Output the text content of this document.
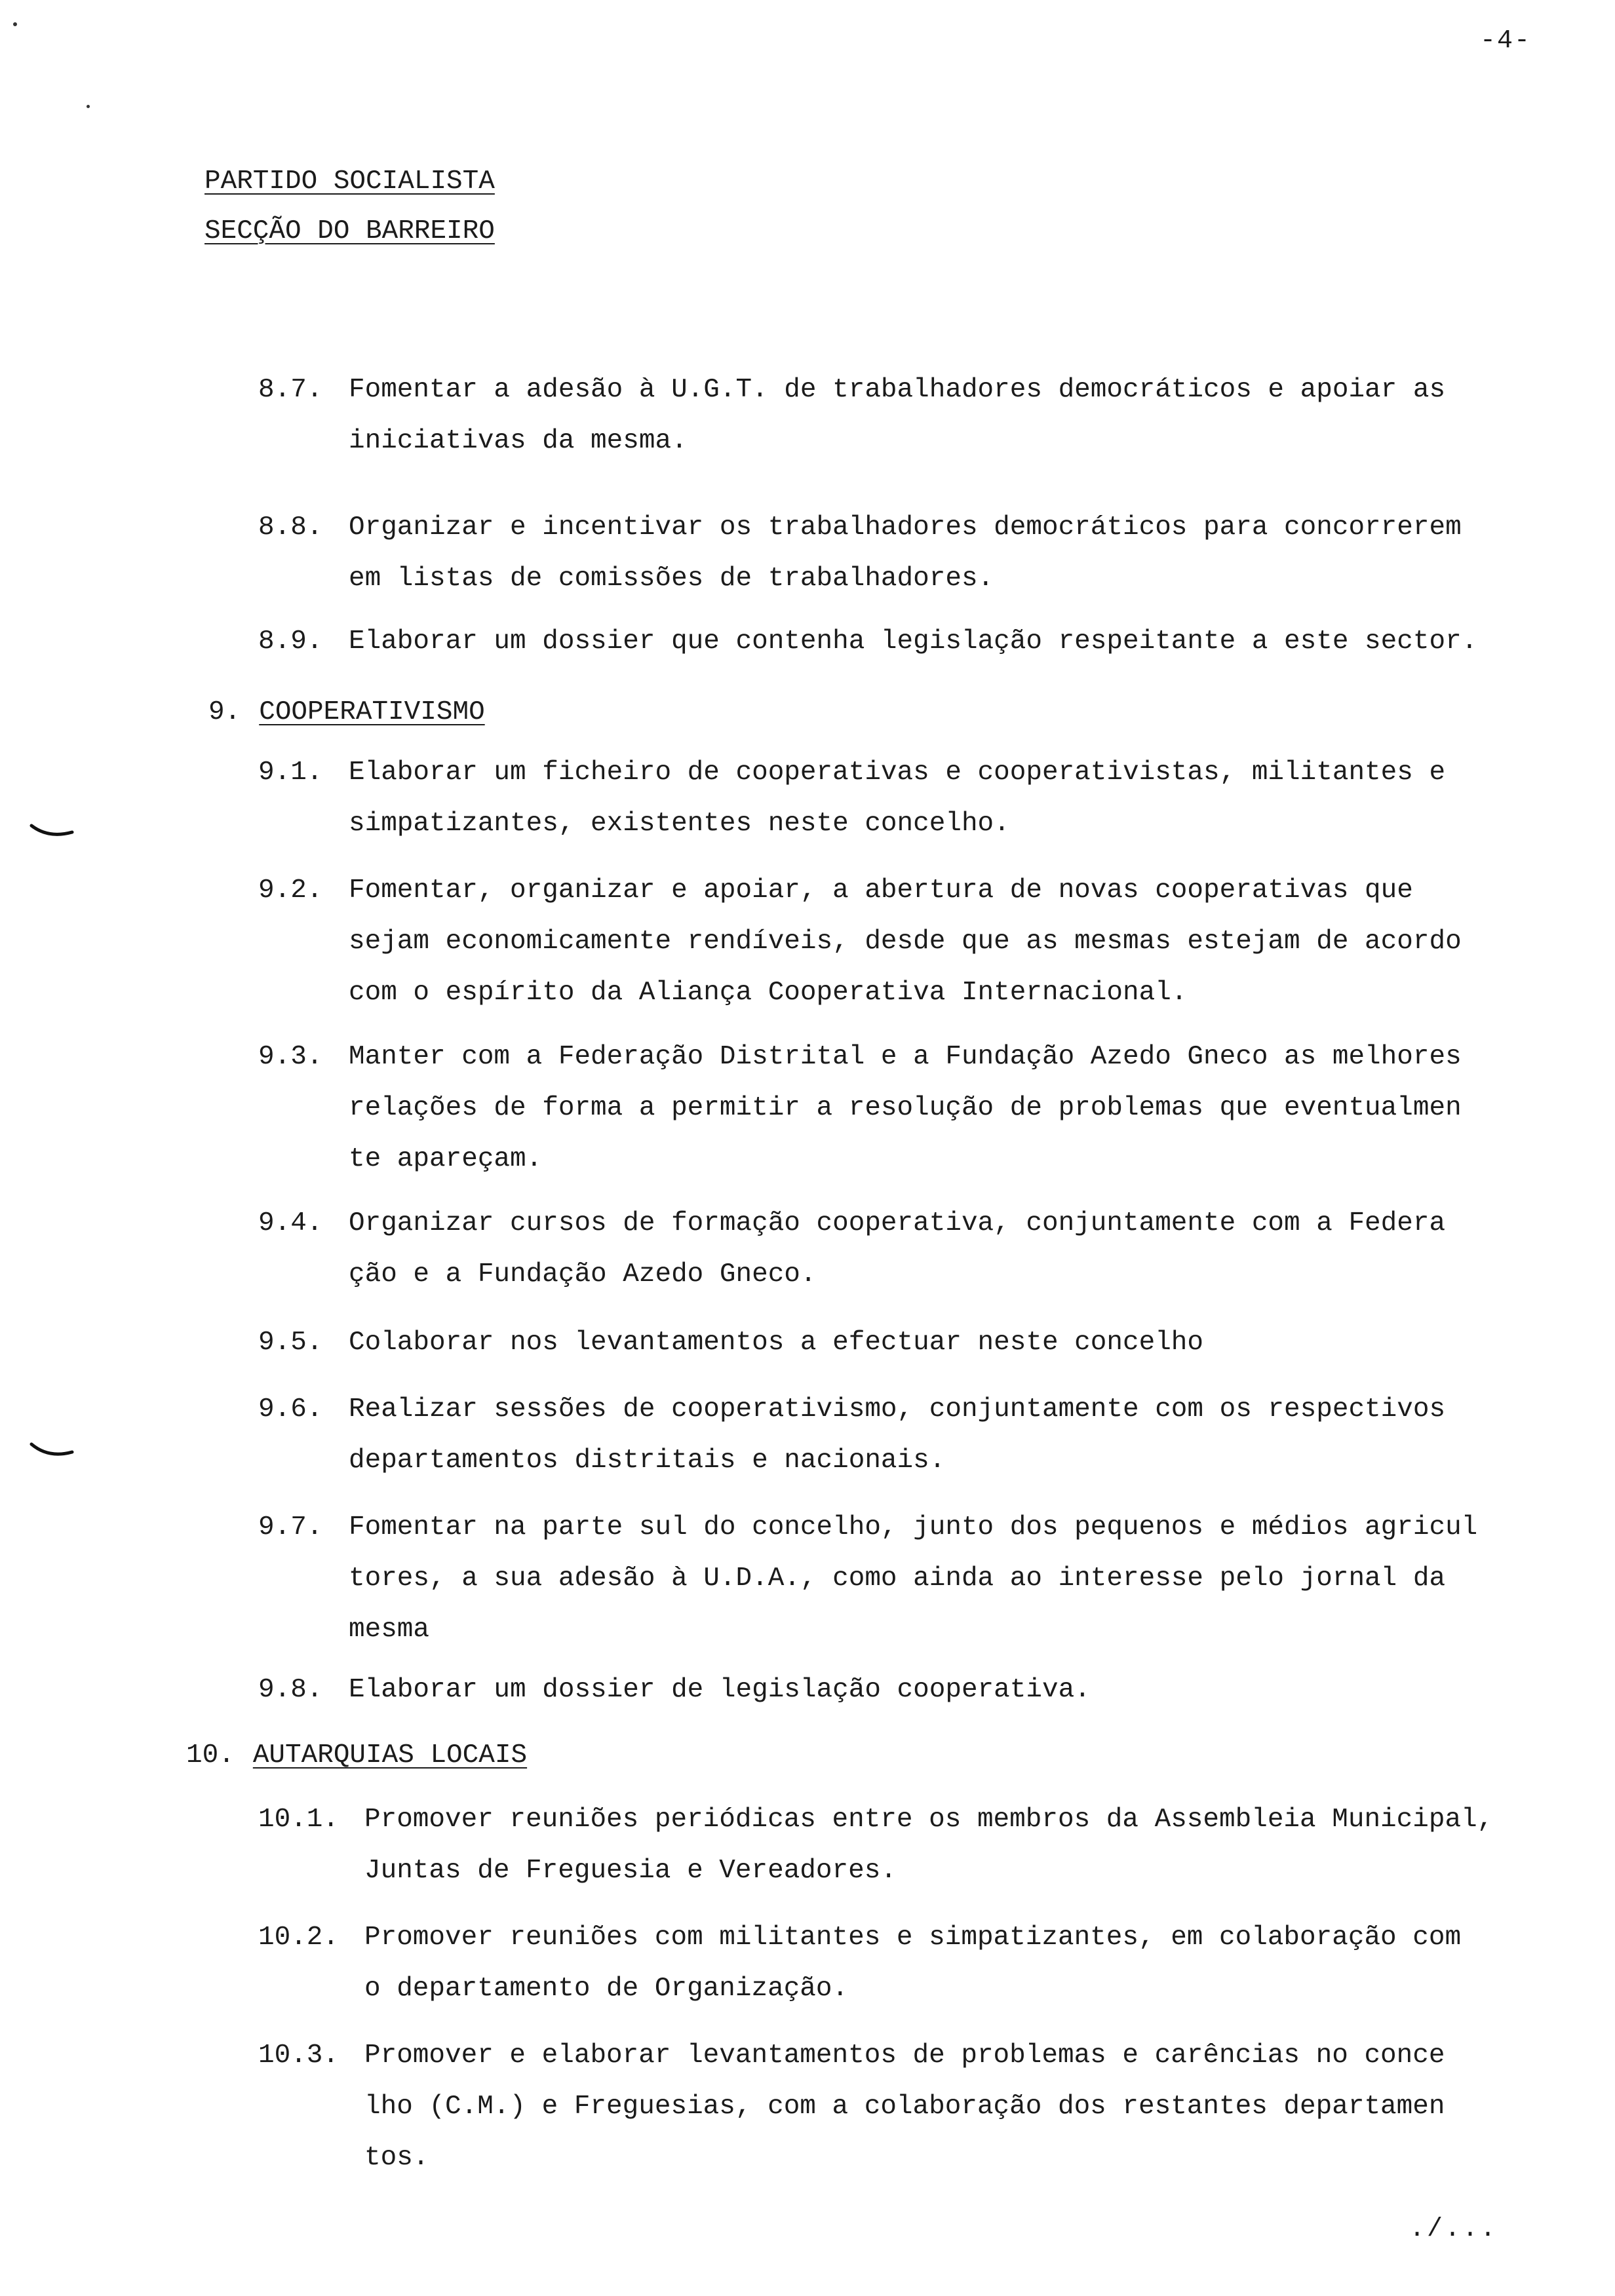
-4-
PARTIDO SOCIALISTA
SECÇÃO DO BARREIRO
8.7. Fomentar a adesão à U.G.T. de trabalhadores democráticos e apoiar as
iniciativas da mesma.
8.8. Organizar e incentivar os trabalhadores democráticos para concorrerem
em listas de comissões de trabalhadores.
8.9. Elaborar um dossier que contenha legislação respeitante a este sector.
9. COOPERATIVISMO
9.1. Elaborar um ficheiro de cooperativas e cooperativistas, militantes e
simpatizantes, existentes neste concelho.
9.2. Fomentar, organizar e apoiar, a abertura de novas cooperativas que
sejam economicamente rendíveis, desde que as mesmas estejam de acordo
com o espírito da Aliança Cooperativa Internacional.
9.3. Manter com a Federação Distrital e a Fundação Azedo Gneco as melhores
relações de forma a permitir a resolução de problemas que eventualmen
te apareçam.
9.4. Organizar cursos de formação cooperativa, conjuntamente com a Federa
ção e a Fundação Azedo Gneco.
9.5. Colaborar nos levantamentos a efectuar neste concelho
9.6. Realizar sessões de cooperativismo, conjuntamente com os respectivos
departamentos distritais e nacionais.
9.7. Fomentar na parte sul do concelho, junto dos pequenos e médios agricul
tores, a sua adesão à U.D.A., como ainda ao interesse pelo jornal da
mesma
9.8. Elaborar um dossier de legislação cooperativa.
10. AUTARQUIAS LOCAIS
10.1. Promover reuniões periódicas entre os membros da Assembleia Municipal,
Juntas de Freguesia e Vereadores.
10.2. Promover reuniões com militantes e simpatizantes, em colaboração com
o departamento de Organização.
10.3. Promover e elaborar levantamentos de problemas e carências no conce
lho (C.M.) e Freguesias, com a colaboração dos restantes departamen
tos.
./...
